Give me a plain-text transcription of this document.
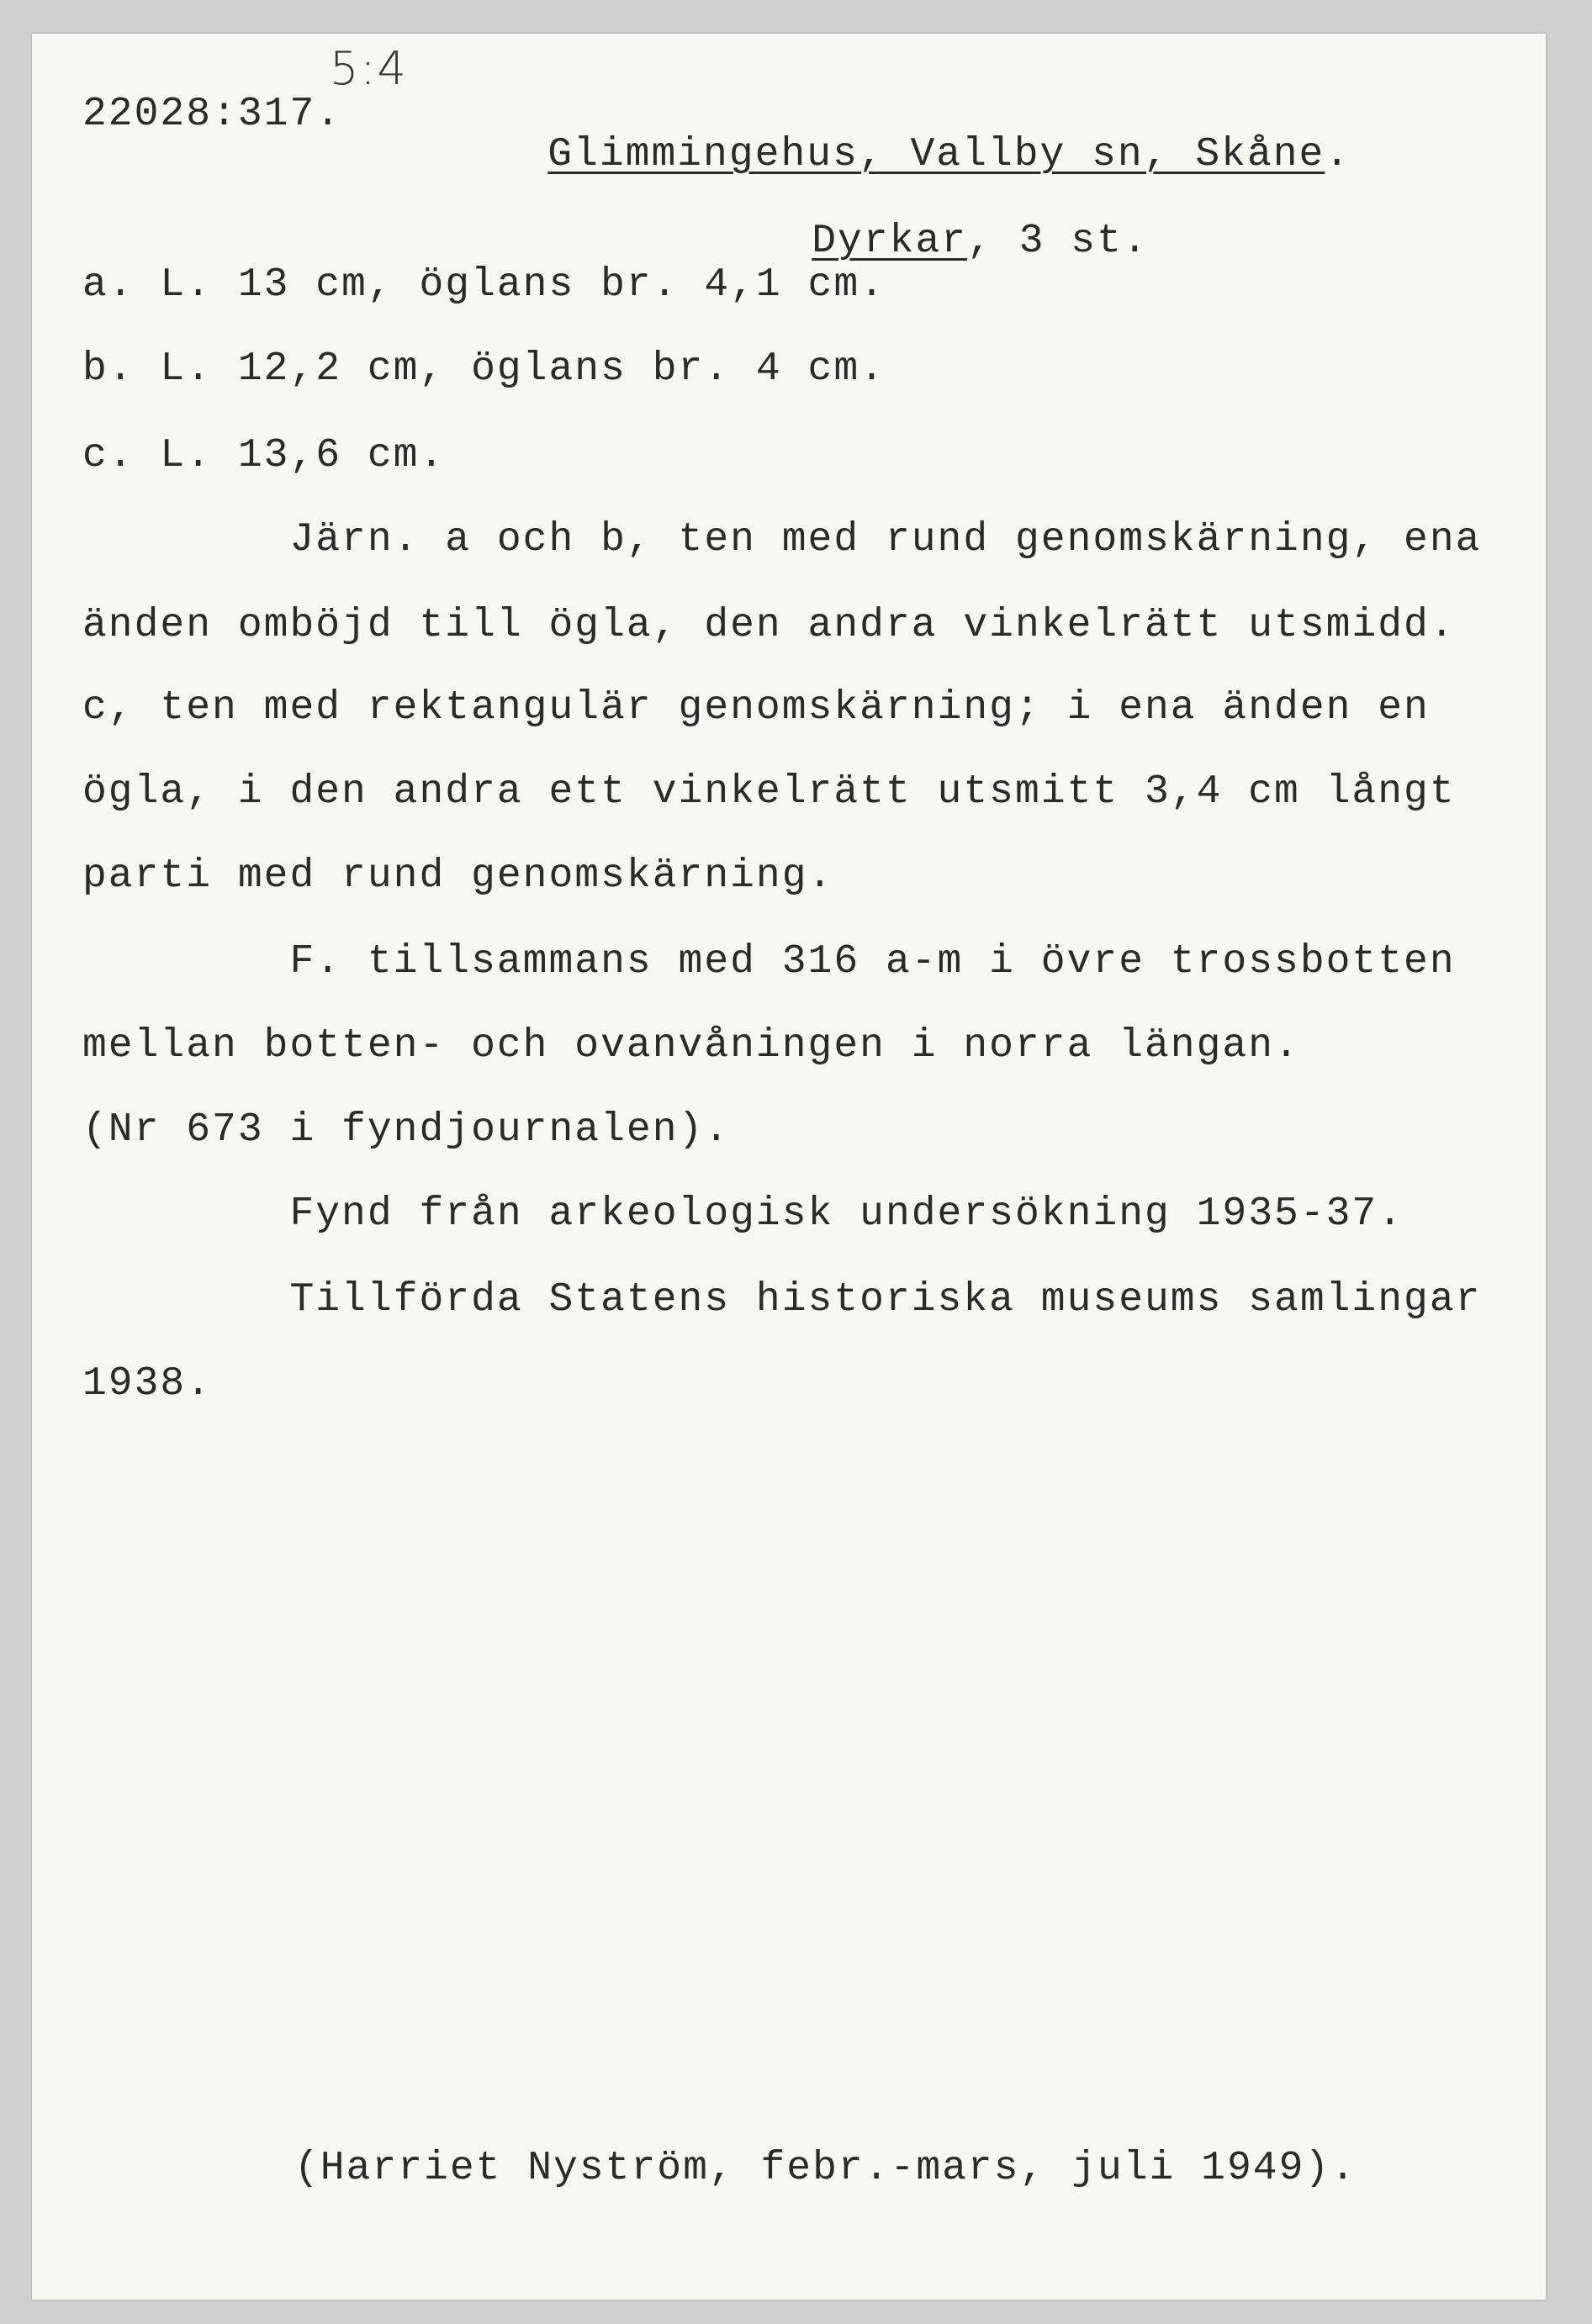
5:4
22028:317.

Glimmingehus, Vallby sn, Skåne.

Dyrkar, 3 st.

a. L. 13 cm, öglans br. 4,1 cm.
b. L. 12,2 cm, öglans br. 4 cm.
c. L. 13,6 cm.
Järn. a och b, ten med rund genomskärning, ena
änden omböjd till ögla, den andra vinkelrätt utsmidd.
c, ten med rektangulär genomskärning; i ena änden en
ögla, i den andra ett vinkelrätt utsmitt 3,4 cm långt
parti med rund genomskärning.
F. tillsammans med 316 a-m i övre trossbotten
mellan botten- och ovanvåningen i norra längan.
(Nr 673 i fyndjournalen).
Fynd från arkeologisk undersökning 1935-37.
Tillförda Statens historiska museums samlingar
1938.
(Harriet Nyström, febr.-mars, juli 1949).
